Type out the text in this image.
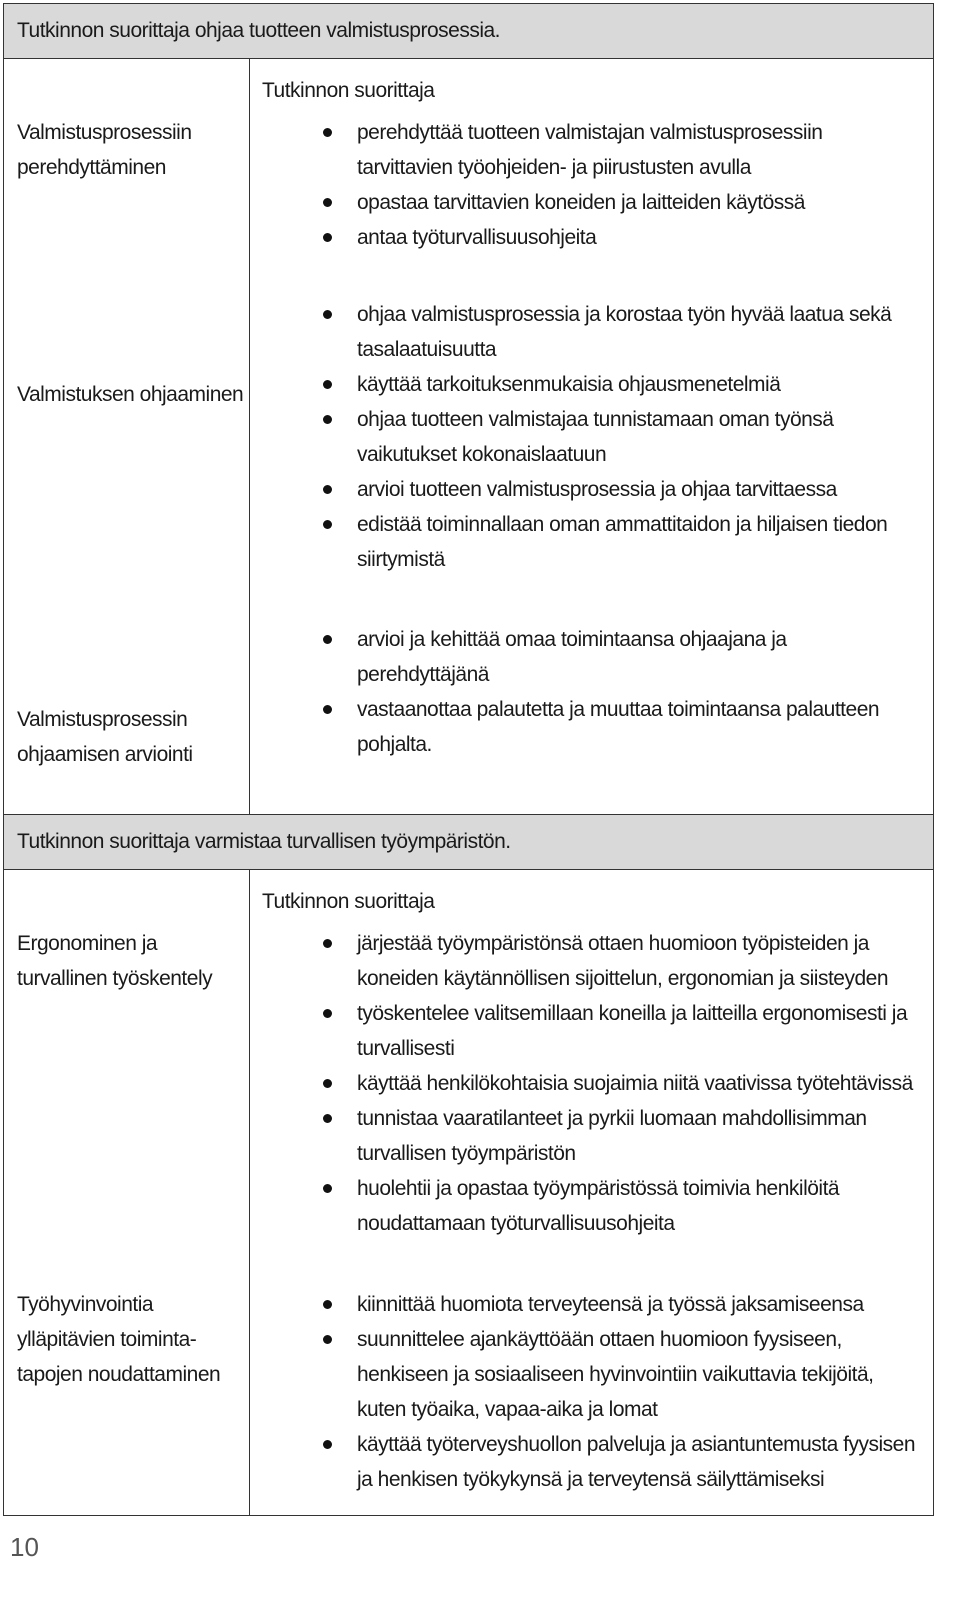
Tutkinnon suorittaja ohjaa tuotteen valmistusprosessia.
Valmistusprosessiin perehdyttäminen
Valmistuksen ohjaaminen
Valmistusprosessin ohjaamisen arviointi
Tutkinnon suorittaja
perehdyttää tuotteen valmistajan valmistusprosessiin tarvittavien työohjeiden- ja piirustusten avulla
opastaa tarvittavien koneiden ja laitteiden käytössä
antaa työturvallisuusohjeita
ohjaa valmistusprosessia ja korostaa työn hyvää laatua sekä tasalaatuisuutta
käyttää tarkoituksenmukaisia ohjausmenetelmiä
ohjaa tuotteen valmistajaa tunnistamaan oman työnsä vaikutukset kokonaislaatuun
arvioi tuotteen valmistusprosessia ja ohjaa tarvittaessa
edistää toiminnallaan oman ammattitaidon ja hiljaisen tiedon siirtymistä
arvioi ja kehittää omaa toimintaansa ohjaajana ja perehdyttäjänä
vastaanottaa palautetta ja muuttaa toimintaansa palautteen pohjalta.
Tutkinnon suorittaja varmistaa turvallisen työympäristön.
Ergonominen ja turvallinen työskentely
Työhyvinvointia ylläpitävien toiminta-tapojen noudattaminen
Tutkinnon suorittaja
järjestää työympäristönsä ottaen huomioon työpisteiden ja koneiden käytännöllisen sijoittelun, ergonomian ja siisteyden
työskentelee valitsemillaan koneilla ja laitteilla ergonomisesti ja turvallisesti
käyttää henkilökohtaisia suojaimia niitä vaativissa työtehtävissä
tunnistaa vaaratilanteet ja pyrkii luomaan mahdollisimman turvallisen työympäristön
huolehtii ja opastaa työympäristössä toimivia henkilöitä noudattamaan työturvallisuusohjeita
kiinnittää huomiota terveyteensä ja työssä jaksamiseensa
suunnittelee ajankäyttöään ottaen huomioon fyysiseen, henkiseen ja sosiaaliseen hyvinvointiin vaikuttavia tekijöitä, kuten työaika, vapaa-aika ja lomat
käyttää työterveyshuollon palveluja ja asiantuntemusta fyysisen ja henkisen työkykynsä ja terveytensä säilyttämiseksi
10
